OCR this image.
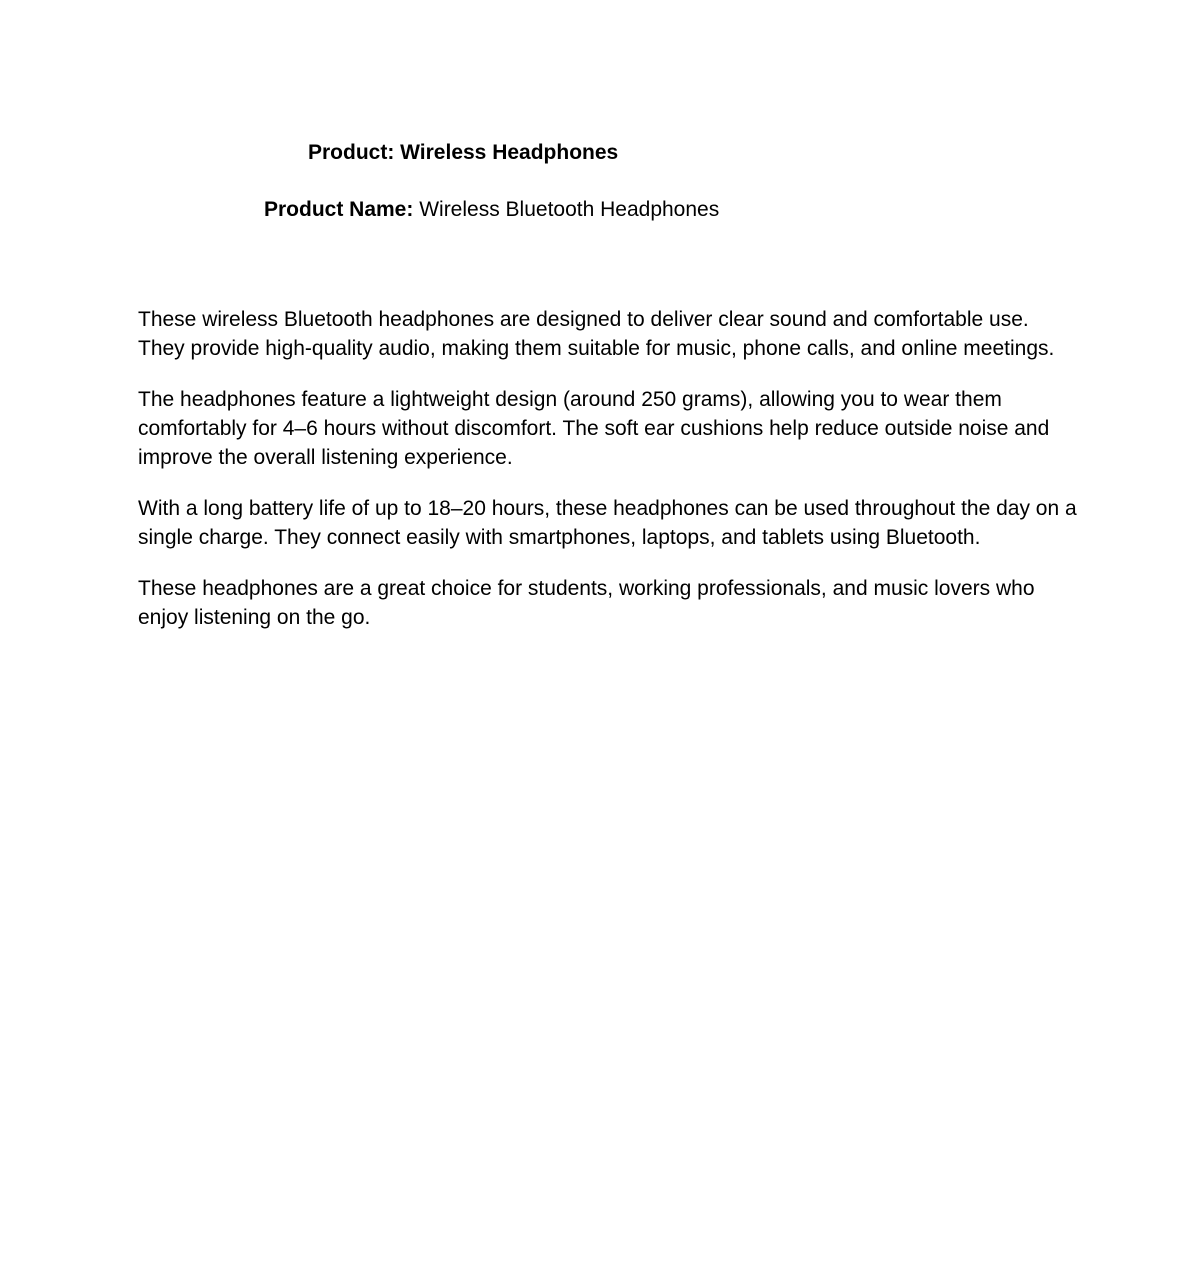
Product: Wireless Headphones

Product Name: Wireless Bluetooth Headphones

These wireless Bluetooth headphones are designed to deliver clear sound and comfortable use. They provide high-quality audio, making them suitable for music, phone calls, and online meetings.

The headphones feature a lightweight design (around 250 grams), allowing you to wear them comfortably for 4–6 hours without discomfort. The soft ear cushions help reduce outside noise and improve the overall listening experience.

With a long battery life of up to 18–20 hours, these headphones can be used throughout the day on a single charge. They connect easily with smartphones, laptops, and tablets using Bluetooth.

These headphones are a great choice for students, working professionals, and music lovers who enjoy listening on the go.
